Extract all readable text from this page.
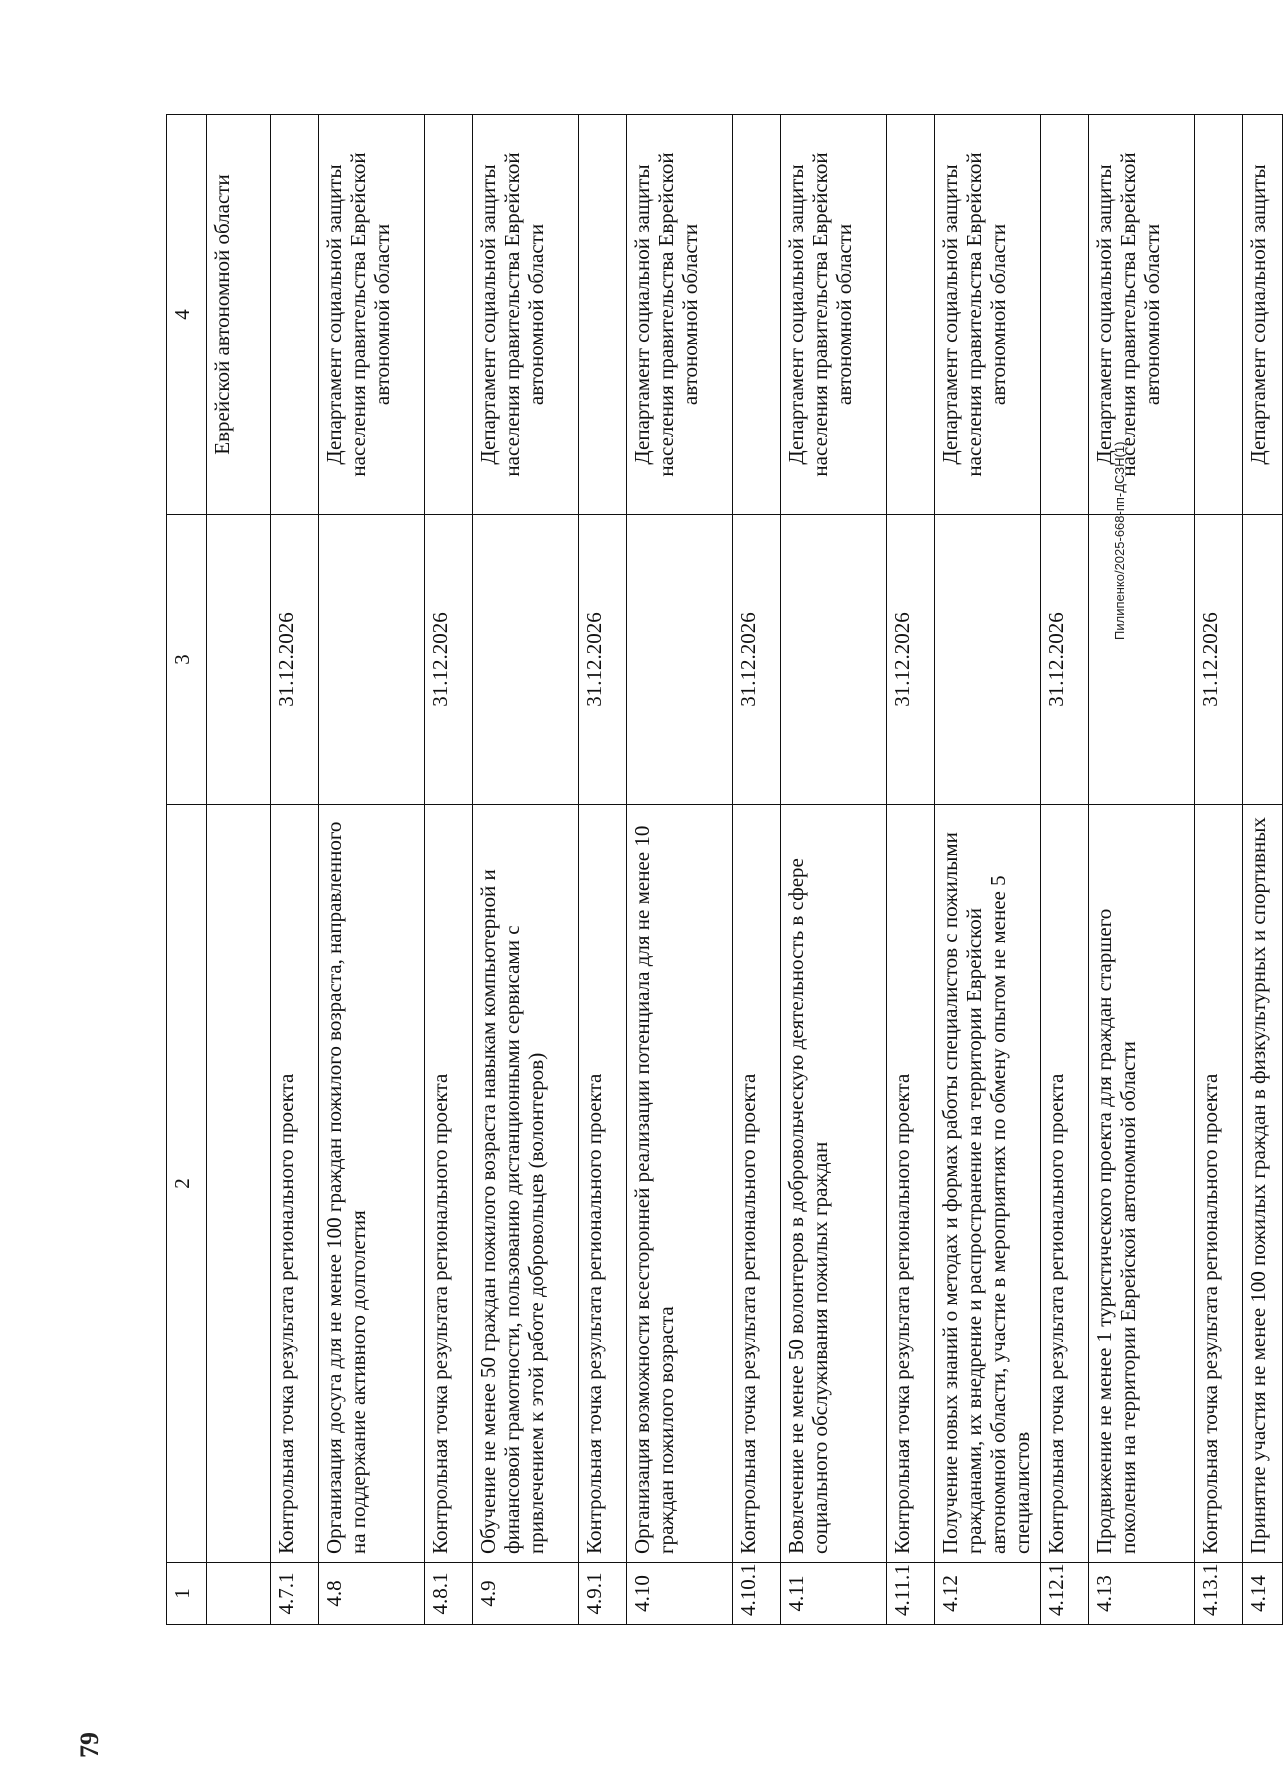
79
Пилипенко/2025-668-пп-ДСЗН(1)
1	2	3	4
			Еврейской автономной области
4.7.1	Контрольная точка результата регионального проекта	31.12.2026	
4.8	Организация досуга для не менее 100 граждан пожилого возраста, направленного на поддержание активного долголетия		Департамент социальной защиты населения правительства Еврейской автономной области
4.8.1	Контрольная точка результата регионального проекта	31.12.2026	
4.9	Обучение не менее 50 граждан пожилого возраста навыкам компьютерной и финансовой грамотности, пользованию дистанционными сервисами с привлечением к этой работе добровольцев (волонтеров)		Департамент социальной защиты населения правительства Еврейской автономной области
4.9.1	Контрольная точка результата регионального проекта	31.12.2026	
4.10	Организация возможности всесторонней реализации потенциала для не менее 10 граждан пожилого возраста		Департамент социальной защиты населения правительства Еврейской автономной области
4.10.1	Контрольная точка результата регионального проекта	31.12.2026	
4.11	Вовлечение не менее 50 волонтеров в добровольческую деятельность в сфере социального обслуживания пожилых граждан		Департамент социальной защиты населения правительства Еврейской автономной области
4.11.1	Контрольная точка результата регионального проекта	31.12.2026	
4.12	Получение новых знаний о методах и формах работы специалистов с пожилыми гражданами, их внедрение и распространение на территории Еврейской автономной области, участие в мероприятиях по обмену опытом не менее 5 специалистов		Департамент социальной защиты населения правительства Еврейской автономной области
4.12.1	Контрольная точка результата регионального проекта	31.12.2026	
4.13	Продвижение не менее 1 туристического проекта для граждан старшего поколения на территории Еврейской автономной области		Департамент социальной защиты населения правительства Еврейской автономной области
4.13.1	Контрольная точка результата регионального проекта	31.12.2026	
4.14	Принятие участия не менее 100 пожилых граждан в физкультурных и спортивных		Департамент социальной защиты
